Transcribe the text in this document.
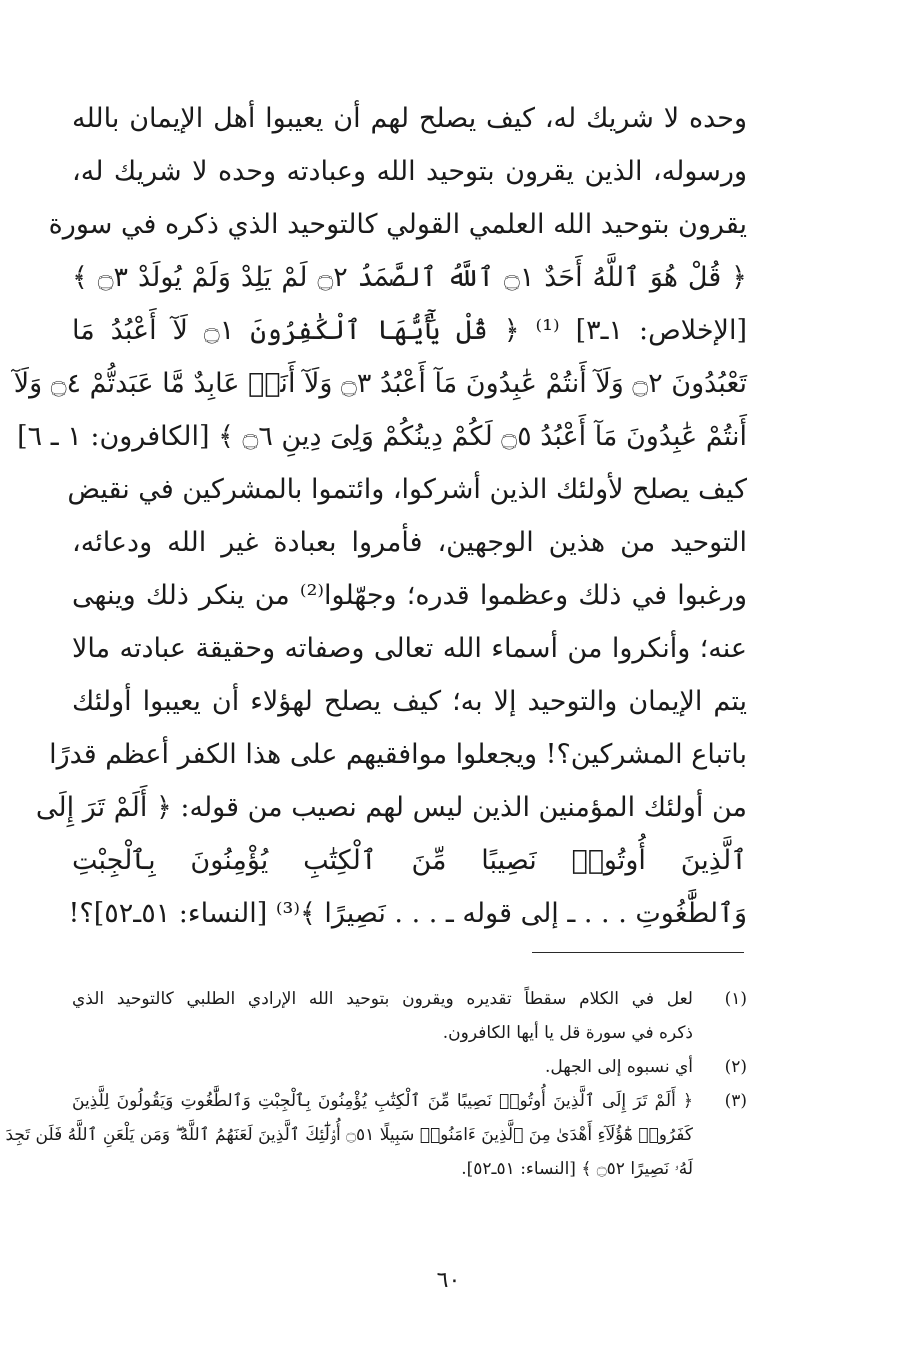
وحده لا شريك له، كيف يصلح لهم أن يعيبوا أهل الإيمان بالله
ورسوله، الذين يقرون بتوحيد الله وعبادته وحده لا شريك له،
يقرون بتوحيد الله العلمي القولي كالتوحيد الذي ذكره في سورة
﴿ قُلْ هُوَ ٱللَّهُ أَحَدٌ ۝١ ٱللَّهُ ٱلصَّمَدُ ۝٢ لَمْ يَلِدْ وَلَمْ يُولَدْ ۝٣ ﴾
[الإخلاص: ١ـ٣] ⁽¹⁾ ﴿ قُلْ يَٰٓأَيُّهَا ٱلْكَٰفِرُونَ ۝١ لَآ أَعْبُدُ مَا
تَعْبُدُونَ ۝٢ وَلَآ أَنتُمْ عَٰبِدُونَ مَآ أَعْبُدُ ۝٣ وَلَآ أَنَا۠ عَابِدٌ مَّا عَبَدتُّمْ ۝٤ وَلَآ
أَنتُمْ عَٰبِدُونَ مَآ أَعْبُدُ ۝٥ لَكُمْ دِينُكُمْ وَلِىَ دِينِ ۝٦ ﴾ [الكافرون: ١ ـ ٦]
كيف يصلح لأولئك الذين أشركوا، وائتموا بالمشركين في نقيض
التوحيد من هذين الوجهين، فأمروا بعبادة غير الله ودعائه،
ورغبوا في ذلك وعظموا قدره؛ وجهّلوا⁽²⁾ من ينكر ذلك وينهى
عنه؛ وأنكروا من أسماء الله تعالى وصفاته وحقيقة عبادته مالا
يتم الإيمان والتوحيد إلا به؛ كيف يصلح لهؤلاء أن يعيبوا أولئك
باتباع المشركين؟! ويجعلوا موافقيهم على هذا الكفر أعظم قدرًا
من أولئك المؤمنين الذين ليس لهم نصيب من قوله: ﴿ أَلَمْ تَرَ إِلَى
ٱلَّذِينَ أُوتُوا۟ نَصِيبًا مِّنَ ٱلْكِتَٰبِ يُؤْمِنُونَ بِٱلْجِبْتِ
وَٱلطَّٰغُوتِ . . . ـ إلى قوله ـ . . . نَصِيرًا ﴾⁽³⁾ [النساء: ٥١ـ٥٢]؟!
(١)
لعل في الكلام سقطاً تقديره ويقرون بتوحيد الله الإرادي الطلبي كالتوحيد الذي
ذكره في سورة قل يا أيها الكافرون.
(٢)
أي نسبوه إلى الجهل.
(٣)
﴿ أَلَمْ تَرَ إِلَى ٱلَّذِينَ أُوتُوا۟ نَصِيبًا مِّنَ ٱلْكِتَٰبِ يُؤْمِنُونَ بِٱلْجِبْتِ وَٱلطَّٰغُوتِ وَيَقُولُونَ لِلَّذِينَ
كَفَرُوا۟ هَٰٓؤُلَآءِ أَهْدَىٰ مِنَ ٱلَّذِينَ ءَامَنُوا۟ سَبِيلًا ۝٥١ أُو۟لَٰٓئِكَ ٱلَّذِينَ لَعَنَهُمُ ٱللَّهُ ۖ وَمَن يَلْعَنِ ٱللَّهُ فَلَن تَجِدَ
لَهُۥ نَصِيرًا ۝٥٢ ﴾ [النساء: ٥١ـ٥٢].
٦٠
